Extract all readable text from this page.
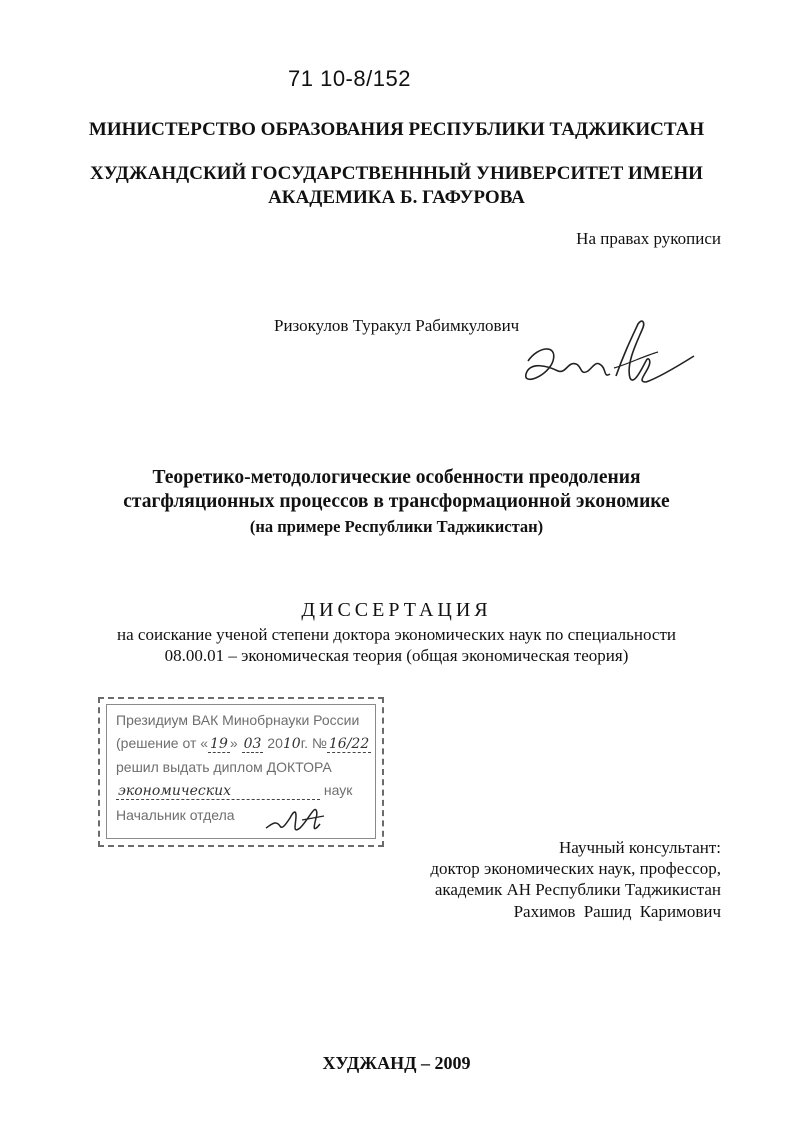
71 10-8/152
МИНИСТЕРСТВО ОБРАЗОВАНИЯ РЕСПУБЛИКИ ТАДЖИКИСТАН
ХУДЖАНДСКИЙ ГОСУДАРСТВЕНННЫЙ УНИВЕРСИТЕТ ИМЕНИ
АКАДЕМИКА Б. ГАФУРОВА
На правах рукописи
Ризокулов Туракул Рабимкулович
Теоретико-методологические особенности преодоления
стагфляционных процессов в трансформационной экономике
(на примере Республики Таджикистан)
ДИССЕРТАЦИЯ
на соискание ученой степени доктора экономических наук по специальности
08.00.01 – экономическая теория (общая экономическая теория)
Президиум ВАК Минобрнауки России
(решение от « 19 » 03 2010г. № 16/22
решил выдать диплом ДОКТОРА
экономических	наук
Начальник отдела
Научный консультант:
доктор экономических наук, профессор,
академик АН Республики Таджикистан
Рахимов Рашид Каримович
ХУДЖАНД – 2009
